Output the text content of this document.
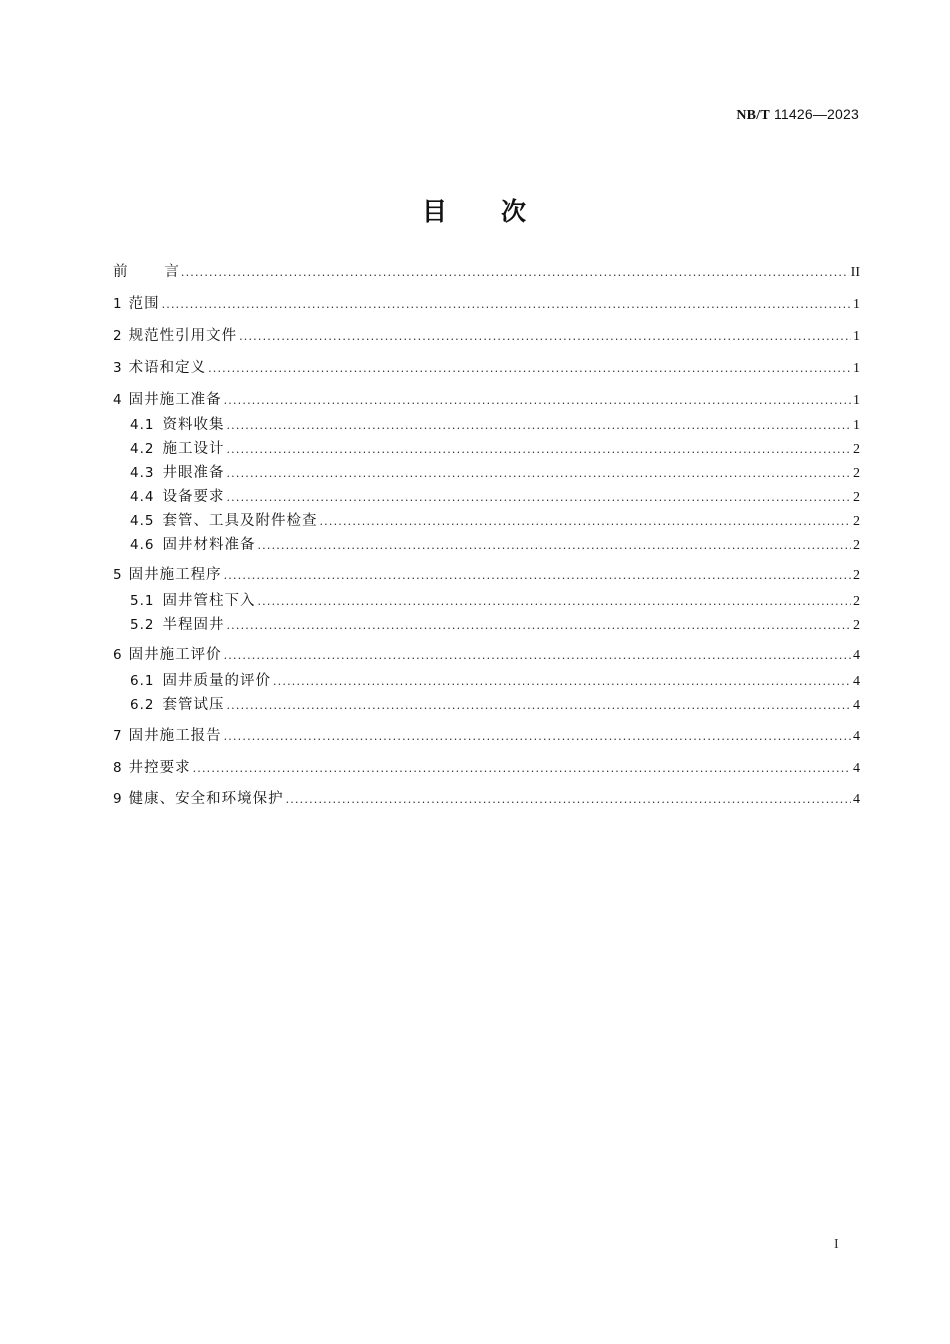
NB/T 11426—2023
目 次
前        言 .....	II
1 范围 .....	1
2 规范性引用文件 .....	1
3 术语和定义 .....	1
4 固井施工准备 .....	1
4.1 资料收集 .....	1
4.2 施工设计 .....	2
4.3 井眼准备 .....	2
4.4 设备要求 .....	2
4.5 套管、工具及附件检查 .....	2
4.6 固井材料准备 .....	2
5 固井施工程序 .....	2
5.1 固井管柱下入 .....	2
5.2 半程固井 .....	2
6 固井施工评价 .....	4
6.1 固井质量的评价 .....	4
6.2 套管试压 .....	4
7 固井施工报告 .....	4
8 井控要求 .....	4
9 健康、安全和环境保护 .....	4
I
